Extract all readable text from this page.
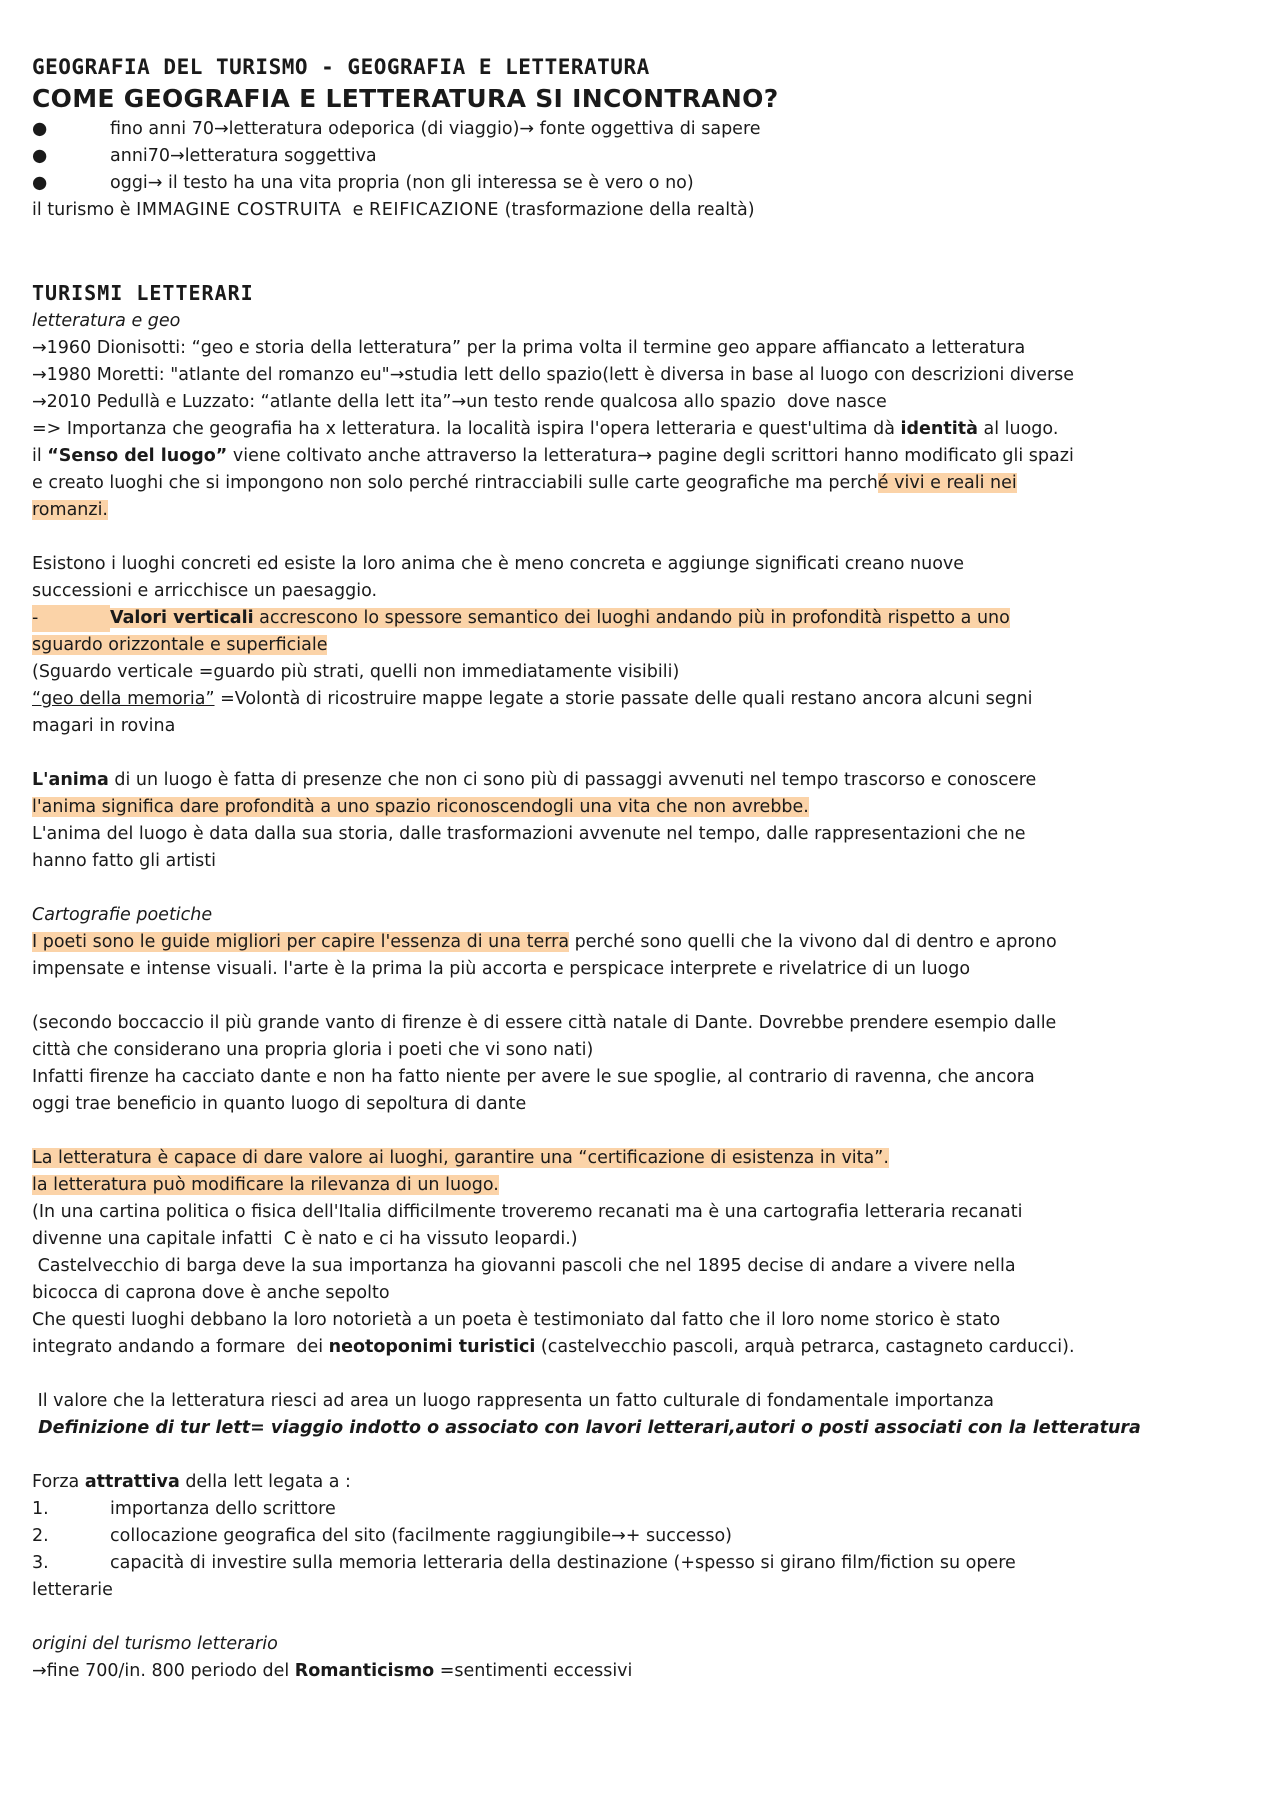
GEOGRAFIA DEL TURISMO - GEOGRAFIA E LETTERATURA
COME GEOGRAFIA E LETTERATURA SI INCONTRANO?
●	fino anni 70→letteratura odeporica (di viaggio)→ fonte oggettiva di sapere
●	anni70→letteratura soggettiva
●	oggi→ il testo ha una vita propria (non gli interessa se è vero o no)
il turismo è IMMAGINE COSTRUITA  e REIFICAZIONE (trasformazione della realtà)
TURISMI LETTERARI
letteratura e geo
→1960 Dionisotti: “geo e storia della letteratura” per la prima volta il termine geo appare affiancato a letteratura
→1980 Moretti: "atlante del romanzo eu"→studia lett dello spazio(lett è diversa in base al luogo con descrizioni diverse
→2010 Pedullà e Luzzato: “atlante della lett ita”→un testo rende qualcosa allo spazio  dove nasce
=> Importanza che geografia ha x letteratura. la località ispira l'opera letteraria e quest'ultima dà identità al luogo.
il “Senso del luogo” viene coltivato anche attraverso la letteratura→ pagine degli scrittori hanno modificato gli spazi
e creato luoghi che si impongono non solo perché rintracciabili sulle carte geografiche ma perché vivi e reali nei
romanzi.
Esistono i luoghi concreti ed esiste la loro anima che è meno concreta e aggiunge significati creano nuove
successioni e arricchisce un paesaggio.
-	Valori verticali accrescono lo spessore semantico dei luoghi andando più in profondità rispetto a uno
sguardo orizzontale e superficiale
(Sguardo verticale =guardo più strati, quelli non immediatamente visibili)
“geo della memoria” =Volontà di ricostruire mappe legate a storie passate delle quali restano ancora alcuni segni
magari in rovina
L'anima di un luogo è fatta di presenze che non ci sono più di passaggi avvenuti nel tempo trascorso e conoscere
l'anima significa dare profondità a uno spazio riconoscendogli una vita che non avrebbe.
L'anima del luogo è data dalla sua storia, dalle trasformazioni avvenute nel tempo, dalle rappresentazioni che ne
hanno fatto gli artisti
Cartografie poetiche
I poeti sono le guide migliori per capire l'essenza di una terra perché sono quelli che la vivono dal di dentro e aprono
impensate e intense visuali. l'arte è la prima la più accorta e perspicace interprete e rivelatrice di un luogo
(secondo boccaccio il più grande vanto di firenze è di essere città natale di Dante. Dovrebbe prendere esempio dalle
città che considerano una propria gloria i poeti che vi sono nati)
Infatti firenze ha cacciato dante e non ha fatto niente per avere le sue spoglie, al contrario di ravenna, che ancora
oggi trae beneficio in quanto luogo di sepoltura di dante
La letteratura è capace di dare valore ai luoghi, garantire una “certificazione di esistenza in vita”.
la letteratura può modificare la rilevanza di un luogo.
(In una cartina politica o fisica dell'Italia difficilmente troveremo recanati ma è una cartografia letteraria recanati
divenne una capitale infatti  C è nato e ci ha vissuto leopardi.)
Castelvecchio di barga deve la sua importanza ha giovanni pascoli che nel 1895 decise di andare a vivere nella
bicocca di caprona dove è anche sepolto
Che questi luoghi debbano la loro notorietà a un poeta è testimoniato dal fatto che il loro nome storico è stato
integrato andando a formare  dei neotoponimi turistici (castelvecchio pascoli, arquà petrarca, castagneto carducci).
Il valore che la letteratura riesci ad area un luogo rappresenta un fatto culturale di fondamentale importanza
Definizione di tur lett= viaggio indotto o associato con lavori letterari,autori o posti associati con la letteratura
Forza attrattiva della lett legata a :
1.	importanza dello scrittore
2.	collocazione geografica del sito (facilmente raggiungibile→+ successo)
3.	capacità di investire sulla memoria letteraria della destinazione (+spesso si girano film/fiction su opere
letterarie
origini del turismo letterario
→fine 700/in. 800 periodo del Romanticismo =sentimenti eccessivi
